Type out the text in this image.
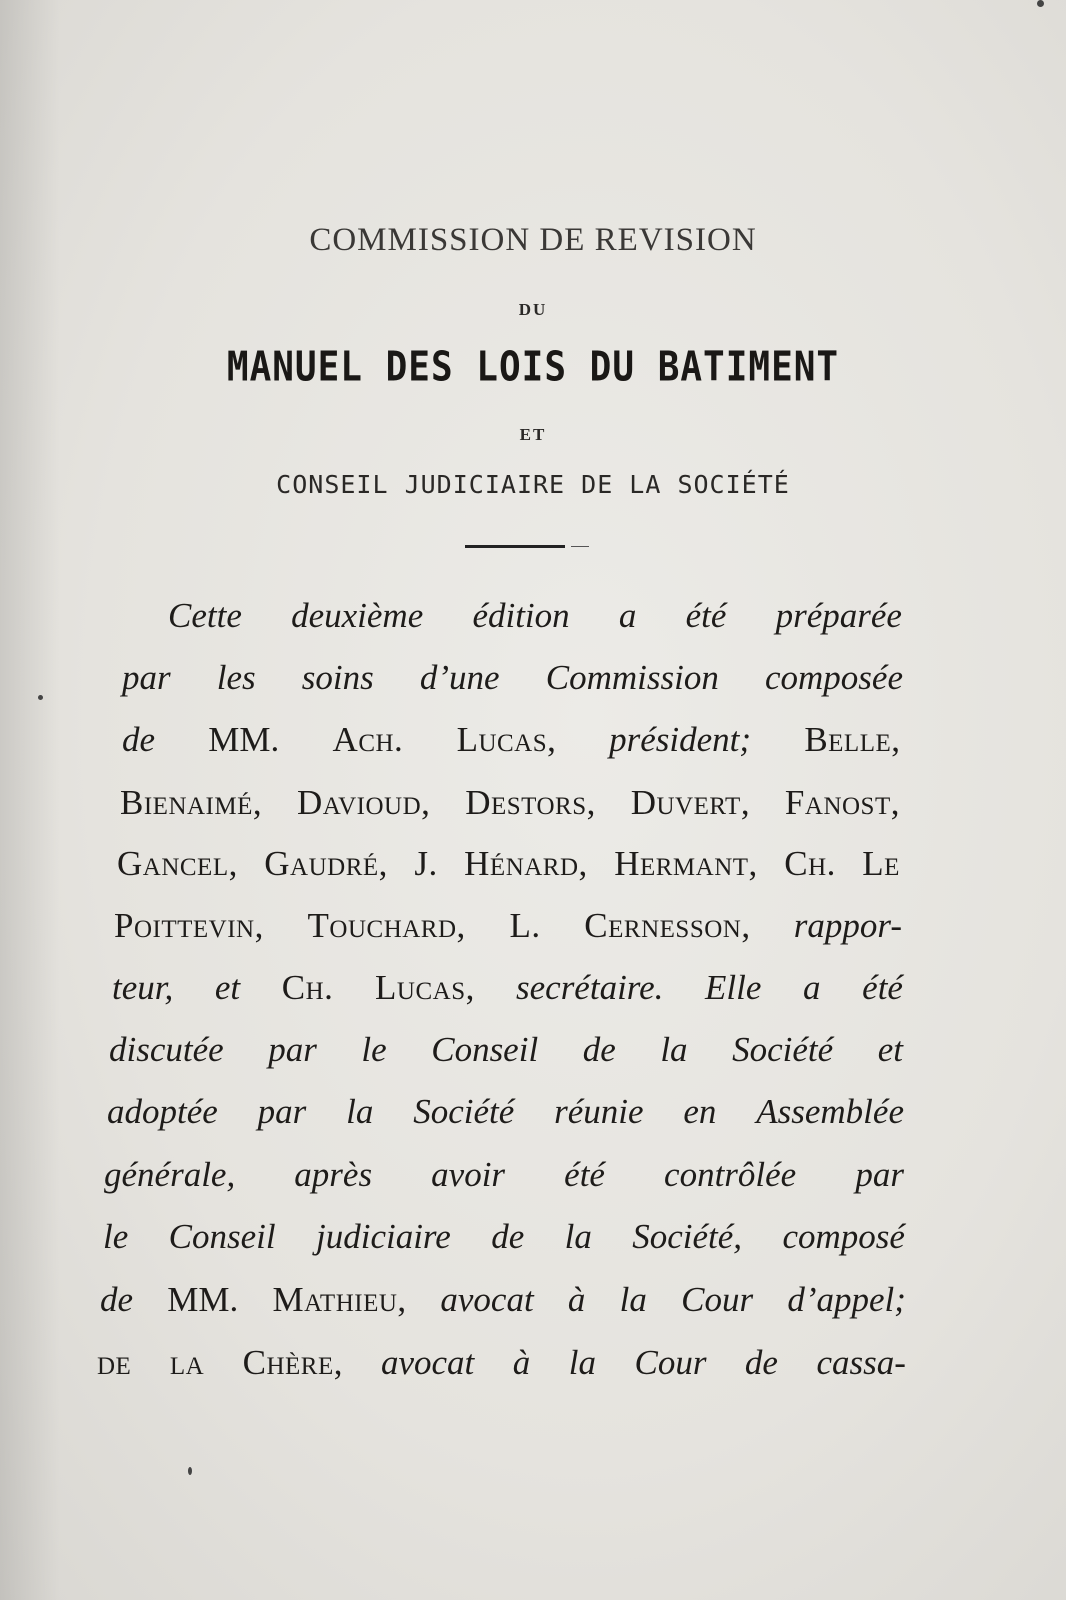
COMMISSION DE REVISION
DU
MANUEL DES LOIS DU BATIMENT
ET
CONSEIL JUDICIAIRE DE LA SOCIÉTÉ
Cette deuxième édition a été préparée
par les soins d’une Commission composée
de MM. Ach. Lucas, président; Belle,
Bienaimé, Davioud, Destors, Duvert, Fanost,
Gancel, Gaudré, J. Hénard, Hermant, Ch. Le
Poittevin, Touchard, L. Cernesson, rappor-
teur, et Ch. Lucas, secrétaire. Elle a été
discutée par le Conseil de la Société et
adoptée par la Société réunie en Assemblée
générale, après avoir été contrôlée par
le Conseil judiciaire de la Société, composé
de MM. Mathieu, avocat à la Cour d’appel;
de la Chère, avocat à la Cour de cassa-
